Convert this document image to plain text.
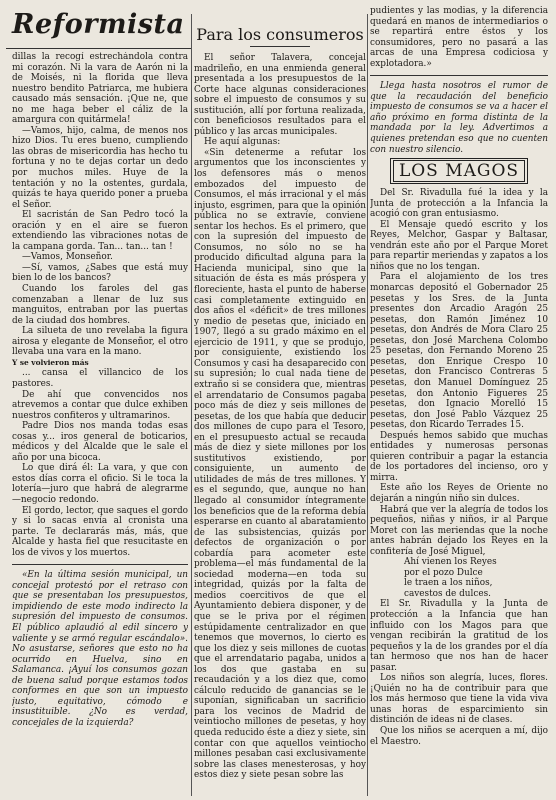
Reformista

dillas la recogí estrechándola contra mi corazón. Ni la vara de Aarón ni la de Moisés, ni la florida que lleva nuestro bendito Patriarca, me hubiera causado más sensación. ¡Que ne, que no me haga beber el cáliz de la amargura con quitármela!

—Vamos, hijo, calma, de menos nos hizo Dios. Tu eres bueno, cumpliendo las obras de misericordia has hecho tu fortuna y no te dejas cortar un dedo por muchos miles. Huye de la tentación y no la ostentes, gurdala, quizás te haya querido poner a prueba el Señor.

El sacristán de San Pedro tocó la oración y en el aire se fueron extendiendo las vibraciones notas de la campana gorda. Tan... tan... tan !

—Vamos, Monseñor.

—Sí, vamos, ¿Sabes que está muy bien lo de los bancos?

Cuando los faroles del gas comenzaban a llenar de luz sus manguitos, entraban por las puertas de la ciudad dos hombres.

La silueta de uno revelaba la figura airosa y elegante de Monseñor, el otro llevaba una vara en la mano.

Y se volvieron más

... cansa el villancico de los pastores.

De ahí que convencidos nos atrevemos a contar que dulce exhiben nuestros confiteros y ultramarinos.

Padre Dios nos manda todas esas cosas y... iros general de boticarios, médicos y del Alcalde que le sale el año por una bicoca.

Lo que dirá él: La vara, y que con estos días corra el oficio. Si le toca la lotería—juro que habrá de alegrarme—negocio redondo.

El gordo, lector, que saques el gordo y si lo sacas envía al cronista una parte. Te declararás más, más, que Alcalde y hasta fiel que resucitaste en los de vivos y los muertos.

«En la última sesión municipal, un concejal protestó por el retraso con que se presentaban los presupuestos, impidiendo de este modo indirecto la supresión del impuesto de consumos. El público aplaudió al edil sincero y valiente y se armó regular escándalo». No asustarse, señores que esto no ha ocurrido en Huelva, sino en Salamanca. ¡Ayuí los consumos gozan de buena salud porque estamos todos conformes en que son un impuesto justo, equitativo, cómodo e insustituible. ¿No es verdad, concejales de la izquierda?

Para los consumeros

El señor Talavera, concejal madrileño, en una enmienda general presentada a los presupuestos de la Corte hace algunas consideraciones sobre el impuesto de consumos y su sustitución, allí por fortuna realizada, con beneficiosos resultados para el público y las arcas municipales.

He aquí algunas:

«Sin detenerme a refutar los argumentos que los inconscientes y los defensores más o menos embozados del impuesto de Consumos, el más irracional y el más injusto, esgrimen, para que la opinión pública no se extravíe, conviene sentar los hechos. Es el primero, que con la supresión del impuesto de Consumos, no sólo no se ha producido dificultad alguna para la Hacienda municipal, sino que la situación de ésta es más próspera y floreciente, hasta el punto de haberse casi completamente extinguido en dos años el «déficit» de tres millones y medio de pesetas que, iniciado en 1907, llegó a su grado máximo en el ejercicio de 1911, y que se produjo, por consiguiente, existiendo los Consumos y casi ha desaparecido con su supresión; lo cual nada tiene de extraño si se considera que, mientras el arrendatario de Consumos pagaba poco más de diez y seis millones de pesetas, de los que había que deducir dos millones de cupo para el Tesoro, en el presupuesto actual se recauda más de diez y siete millones por los sustitutivos existiendo, por consiguiente, un aumento de utilidades de más de tres millones. Y es el segundo, que, aunque no han llegado al consumidor íntegramente los beneficios que de la reforma debía esperarse en cuanto al abaratamiento de las subsistencias, quizás por defectos de organización o por cobardía para acometer este problema—el más fundamental de la sociedad moderna—en toda su integridad, quizás por la falta de medios coercitivos de que el Ayuntamiento debiera disponer, y de que se le priva por el régimen estúpidamente centralizador en que tenemos que movernos, lo cierto es que los diez y seis millones de cuotas que el arrendatario pagaba, unidos a los dos que gastaba en su recaudación y a los diez que, como cálculo reducido de ganancias se le suponían, significaban un sacrificio para los vecinos de Madrid de veintiocho millones de pesetas, y hoy queda reducido éste a diez y siete, sin contar con que aquellos veintiocho millones pesaban casi exclusivamente sobre las clases menesterosas, y hoy estos diez y siete pesan sobre las

pudientes y las modias, y la diferencia quedará en manos de intermediarios o se repartirá entre éstos y los consumidores, pero no pasará a las arcas de una Empresa codiciosa y explotadora.»

Llega hasta nosotros el rumor de que la recaudación del beneficio impuesto de consumos se va a hacer el año próximo en forma distinta de la mandada por la ley. Advertimos a quienes pretendan eso que no cuenten con nuestro silencio.

LOS MAGOS

Del Sr. Rivadulla fué la idea y la Junta de protección a la Infancia la acogió con gran entusiasmo.

El Mensaje quedó escrito y los Reyes, Melchor, Gaspar y Baltasar, vendrán este año por el Parque Moret para repartir meriendas y zapatos a los niños que no los tengan.

Para el alojamiento de los tres monarcas depositó el Gobernador 25 pesetas y los Sres. de la Junta presentes don Arcadio Aragón 25 pesetas, don Ramón Jiménez 10 pesetas, don Andrés de Mora Claro 25 pesetas, don José Marchena Colombo 25 pesetas, don Fernando Moreno 25 pesetas, don Enrique Crespo 10 pesetas, don Francisco Contreras 5 pesetas, don Manuel Domínguez 25 pesetas, don Antonio Figueres 25 pesetas, don Ignacio Morelló 15 pesetas, don José Pablo Vázquez 25 pesetas, don Ricardo Terrades 15.

Después hemos sabido que muchas entidades y numerosas personas quieren contribuir a pagar la estancia de los portadores del incienso, oro y mirra.

Este año los Reyes de Oriente no dejarán a ningún niño sin dulces.

Habrá que ver la alegría de todos los pequeños, niñas y niños, ir al Parque Moret con las meriendas que la noche antes habrán dejado los Reyes en la confitería de José Miguel,

Ahí vienen los Reyes

por el pozo Dulce

le traen a los niños,

cavestos de dulces.

El Sr. Rivadulla y la Junta de protección a la Infancia que han influido con los Magos para que vengan recibirán la gratitud de los pequeños y la de los grandes por el día tan hermoso que nos han de hacer pasar.

Los niños son alegría, luces, flores. ¡Quién no ha de contribuir para que los más hermoso que tiene la vida viva unas horas de esparcimiento sin distinción de ideas ni de clases.

Que los niños se acerquen a mí, dijo el Maestro.
